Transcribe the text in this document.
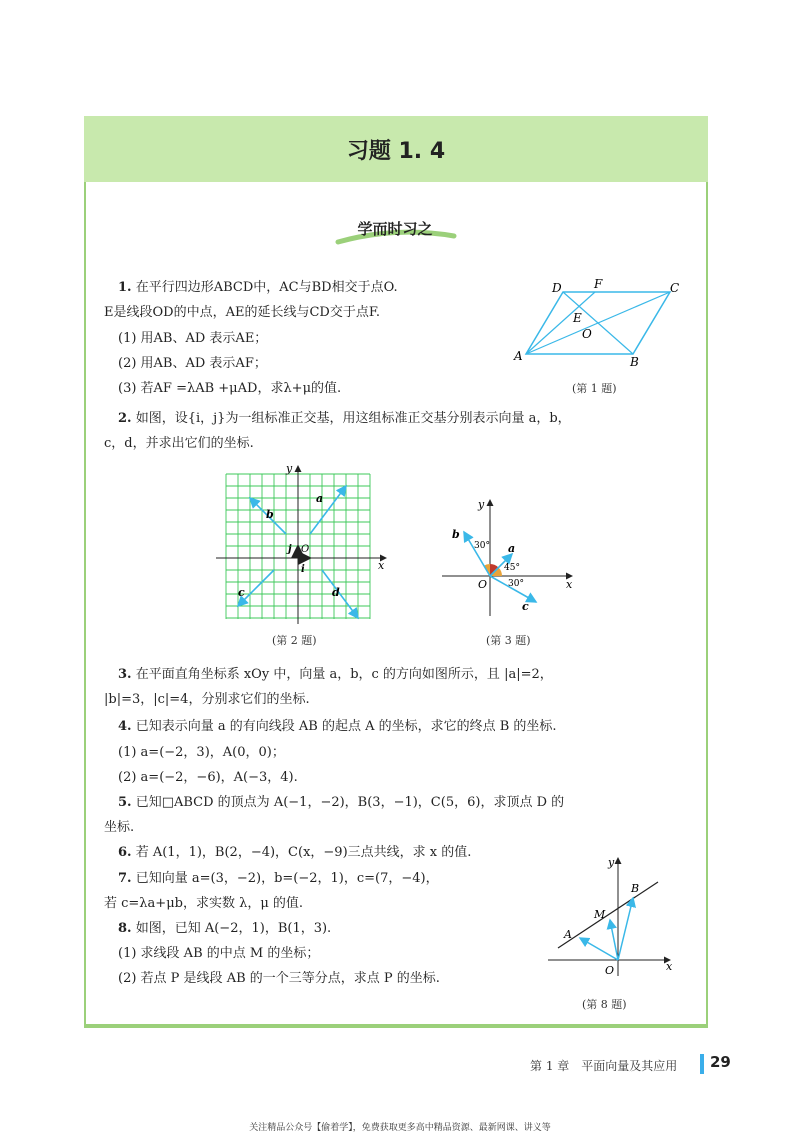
习题 1. 4
学而时习之
1. 在平行四边形ABCD中，AC与BD相交于点O.
E是线段OD的中点，AE的延长线与CD交于点F.
(1) 用AB、AD 表示AE；
(2) 用AB、AD 表示AF；
(3) 若AF =λAB +μAD，求λ+μ的值.
A	B
C
D
E
F
O
(第 1 题)
2. 如图，设{i，j}为一组标准正交基，用这组标准正交基分别表示向量 a，b，
c，d，并求出它们的坐标.
a
b
c	d
i
j O
x
y
(第 2 题)
a
b
c
30°
45°
30°
O	x
y
(第 3 题)
3. 在平面直角坐标系 xOy 中，向量 a，b，c 的方向如图所示，且 |a|=2，
|b|=3，|c|=4，分别求它们的坐标.
4. 已知表示向量 a 的有向线段 AB 的起点 A 的坐标，求它的终点 B 的坐标.
(1) a=(−2，3)，A(0，0)；
(2) a=(−2，−6)，A(−3，4).
5. 已知□ABCD 的顶点为 A(−1，−2)，B(3，−1)，C(5，6)，求顶点 D 的
坐标.
6. 若 A(1，1)，B(2，−4)，C(x，−9)三点共线，求 x 的值.
7. 已知向量 a=(3，−2)，b=(−2，1)，c=(7，−4)，
若 c=λa+μb，求实数 λ，μ 的值.
8. 如图，已知 A(−2，1)，B(1，3).
(1) 求线段 AB 的中点 M 的坐标；
(2) 若点 P 是线段 AB 的一个三等分点，求点 P 的坐标.
A
B
M
O	x
y
(第 8 题)
第 1 章　平面向量及其应用 29
关注精品公众号【偷着学】，免费获取更多高中精品资源、最新网课、讲义等
